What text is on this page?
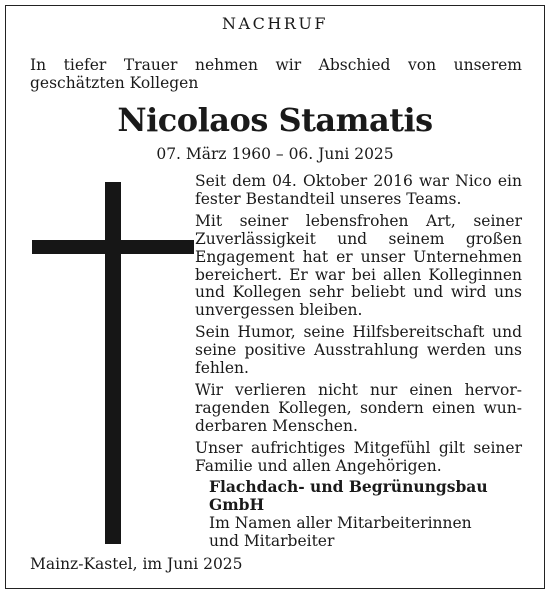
NACHRUF
In tiefer Trauer nehmen wir Abschied von unserem geschätzten Kollegen
Nicolaos Stamatis
07. März 1960 – 06. Juni 2025

Seit dem 04. Oktober 2016 war Nico ein fester Bestandteil unseres Teams.

Mit seiner lebensfrohen Art, seiner Zuverlässigkeit und seinem großen Engagement hat er unser Unternehmen bereichert. Er war bei allen Kolleginnen und Kollegen sehr beliebt und wird uns unvergessen bleiben.

Sein Humor, seine Hilfsbereitschaft und seine positive Ausstrahlung werden uns fehlen.

Wir verlieren nicht nur einen hervorragenden Kollegen, sondern einen wunderbaren Menschen.

Unser aufrichtiges Mitgefühl gilt seiner Familie und allen Angehörigen.

Flachdach- und Begrünungsbau GmbH
Im Namen aller Mitarbeiterinnen
und Mitarbeiter
Mainz-Kastel, im Juni 2025
